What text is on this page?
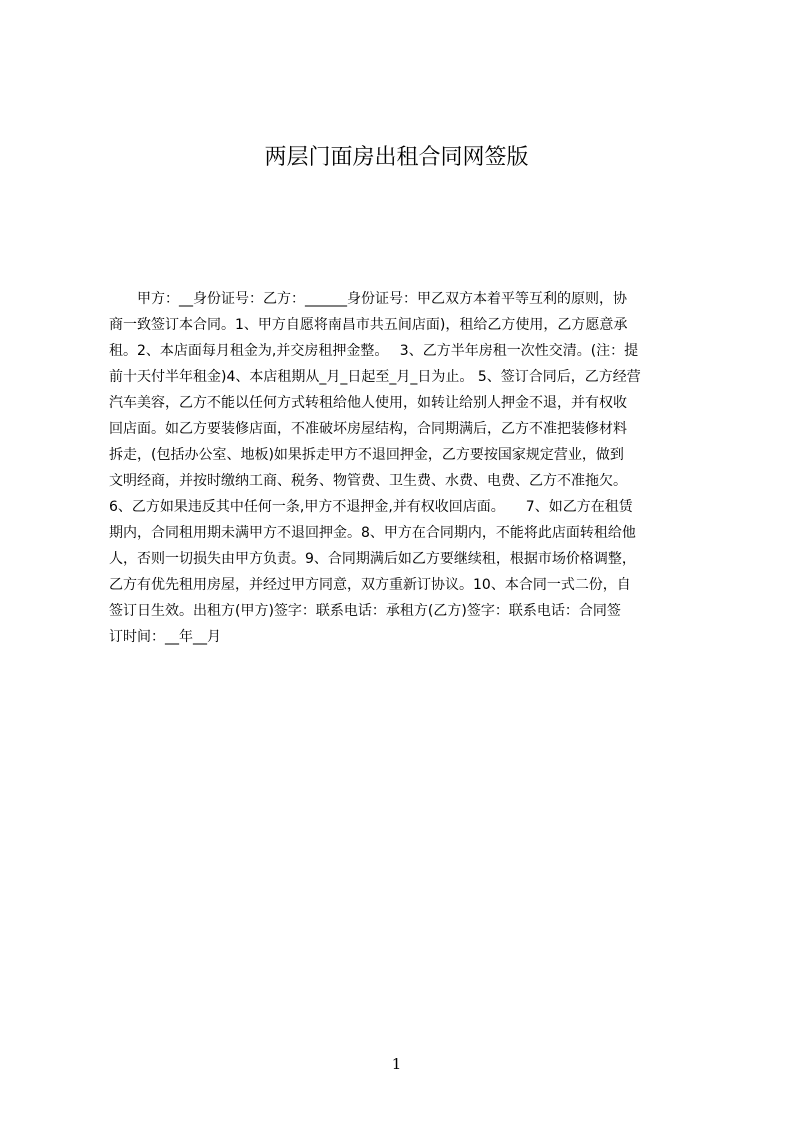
两层门面房出租合同网签版
　　甲方：__身份证号：乙方：______身份证号：甲乙双方本着平等互利的原则，协
商一致签订本合同。1、甲方自愿将南昌市共五间店面)，租给乙方使用，乙方愿意承
租。2、本店面每月租金为,并交房租押金整。　 3、乙方半年房租一次性交清。(注：提
前十天付半年租金)4、本店租期从_月_日起至_月_日为止。 5、签订合同后，乙方经营
汽车美容，乙方不能以任何方式转租给他人使用，如转让给别人押金不退，并有权收
回店面。如乙方要装修店面，不准破坏房屋结构，合同期满后，乙方不准把装修材料
拆走，(包括办公室、地板)如果拆走甲方不退回押金，乙方要按国家规定营业，做到
文明经商，并按时缴纳工商、税务、物管费、卫生费、水费、电费、乙方不准拖欠。
6、乙方如果违反其中任何一条,甲方不退押金,并有权收回店面。　　7、如乙方在租赁
期内，合同租用期未满甲方不退回押金。8、甲方在合同期内，不能将此店面转租给他
人，否则一切损失由甲方负责。9、合同期满后如乙方要继续租，根据市场价格调整，
乙方有优先租用房屋，并经过甲方同意，双方重新订协议。10、本合同一式二份，自
签订日生效。出租方(甲方)签字：联系电话：承租方(乙方)签字：联系电话：合同签
订时间：__年__月
1
